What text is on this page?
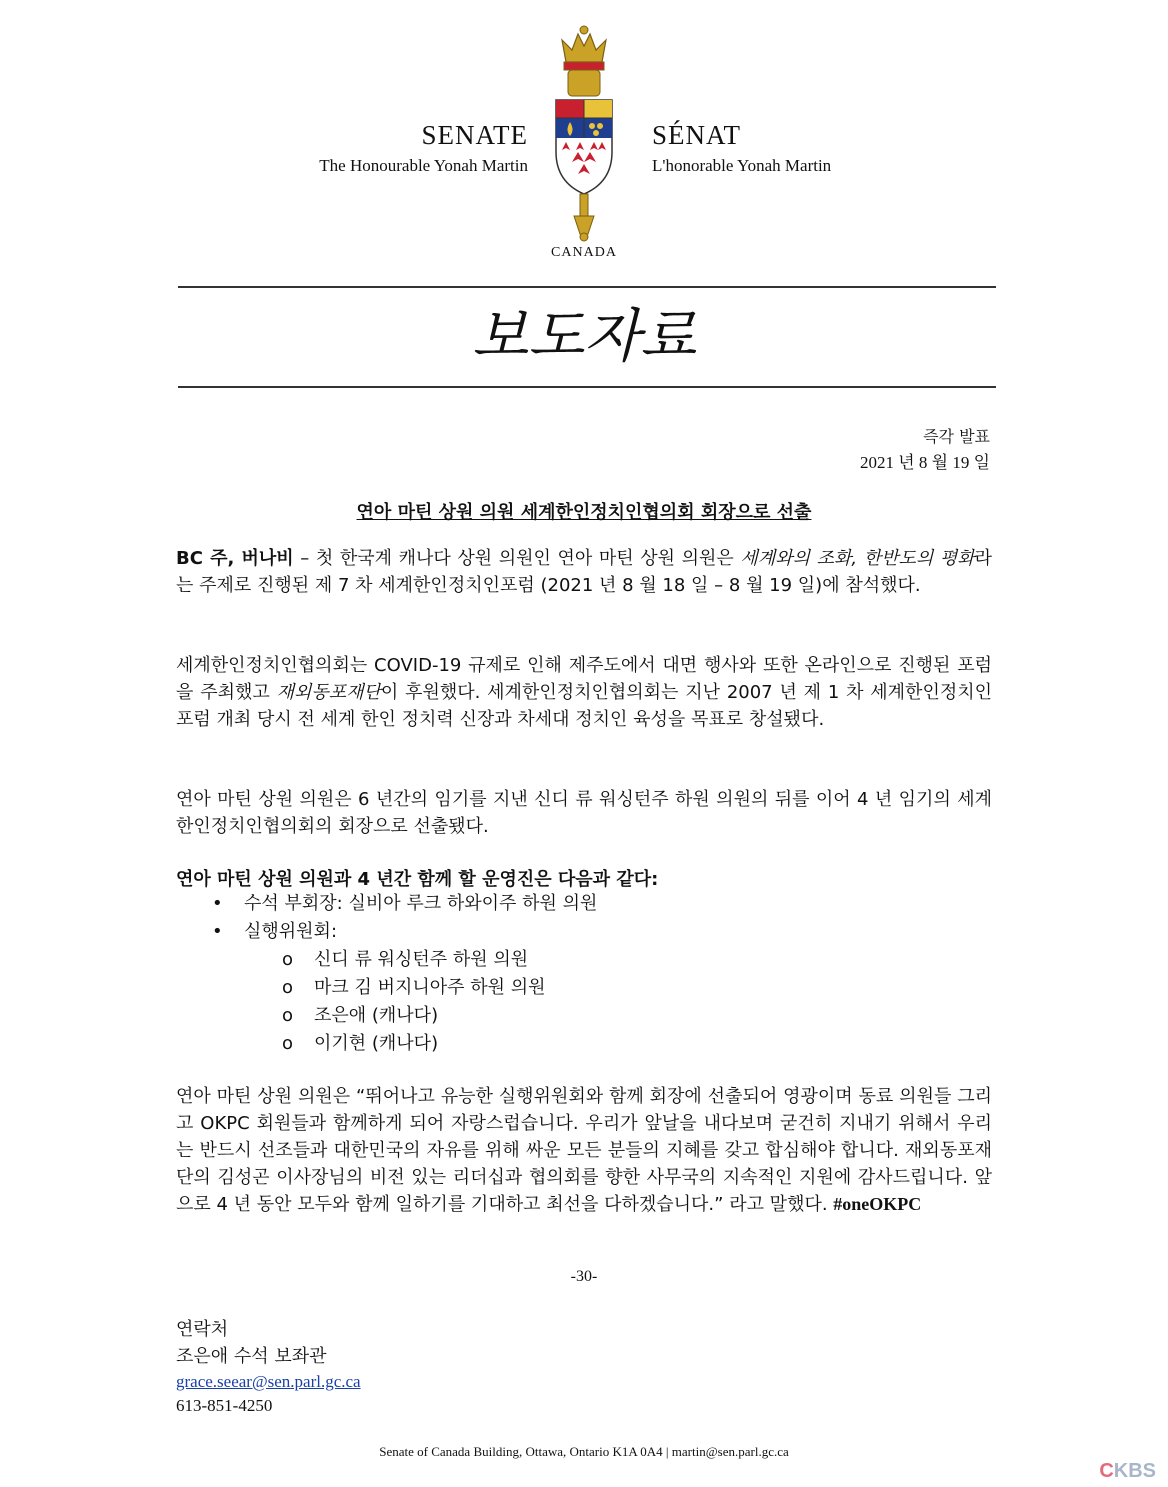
SENATE
The Honourable Yonah Martin
SÉNAT
L'honorable Yonah Martin
CANADA
보도자료
즉각 발표
2021 년 8 월 19 일
연아 마틴 상원 의원 세계한인정치인협의회 회장으로 선출

BC 주, 버나비 – 첫 한국계 캐나다 상원 의원인 연아 마틴 상원 의원은 세계와의 조화, 한반도의 평화라는 주제로 진행된 제 7 차 세계한인정치인포럼 (2021 년 8 월 18 일 – 8 월 19 일)에 참석했다.

세계한인정치인협의회는 COVID-19 규제로 인해 제주도에서 대면 행사와 또한 온라인으로 진행된 포럼을 주최했고 재외동포재단이 후원했다. 세계한인정치인협의회는 지난 2007 년 제 1 차 세계한인정치인포럼 개최 당시 전 세계 한인 정치력 신장과 차세대 정치인 육성을 목표로 창설됐다.

연아 마틴 상원 의원은 6 년간의 임기를 지낸 신디 류 워싱턴주 하원 의원의 뒤를 이어 4 년 임기의 세계한인정치인협의회의 회장으로 선출됐다.

연아 마틴 상원 의원과 4 년간 함께 할 운영진은 다음과 같다:
• 수석 부회장: 실비아 루크 하와이주 하원 의원
• 실행위원회:
o 신디 류 워싱턴주 하원 의원
o 마크 김 버지니아주 하원 의원
o 조은애 (캐나다)
o 이기현 (캐나다)

연아 마틴 상원 의원은 “뛰어나고 유능한 실행위원회와 함께 회장에 선출되어 영광이며 동료 의원들 그리고 OKPC 회원들과 함께하게 되어 자랑스럽습니다. 우리가 앞날을 내다보며 굳건히 지내기 위해서 우리는 반드시 선조들과 대한민국의 자유를 위해 싸운 모든 분들의 지혜를 갖고 합심해야 합니다. 재외동포재단의 김성곤 이사장님의 비전 있는 리더십과 협의회를 향한 사무국의 지속적인 지원에 감사드립니다. 앞으로 4 년 동안 모두와 함께 일하기를 기대하고 최선을 다하겠습니다.” 라고 말했다. #oneOKPC

-30-
연락처
조은애 수석 보좌관
grace.seear@sen.parl.gc.ca
613-851-4250
Senate of Canada Building, Ottawa, Ontario K1A 0A4 | martin@sen.parl.gc.ca
CKBS
